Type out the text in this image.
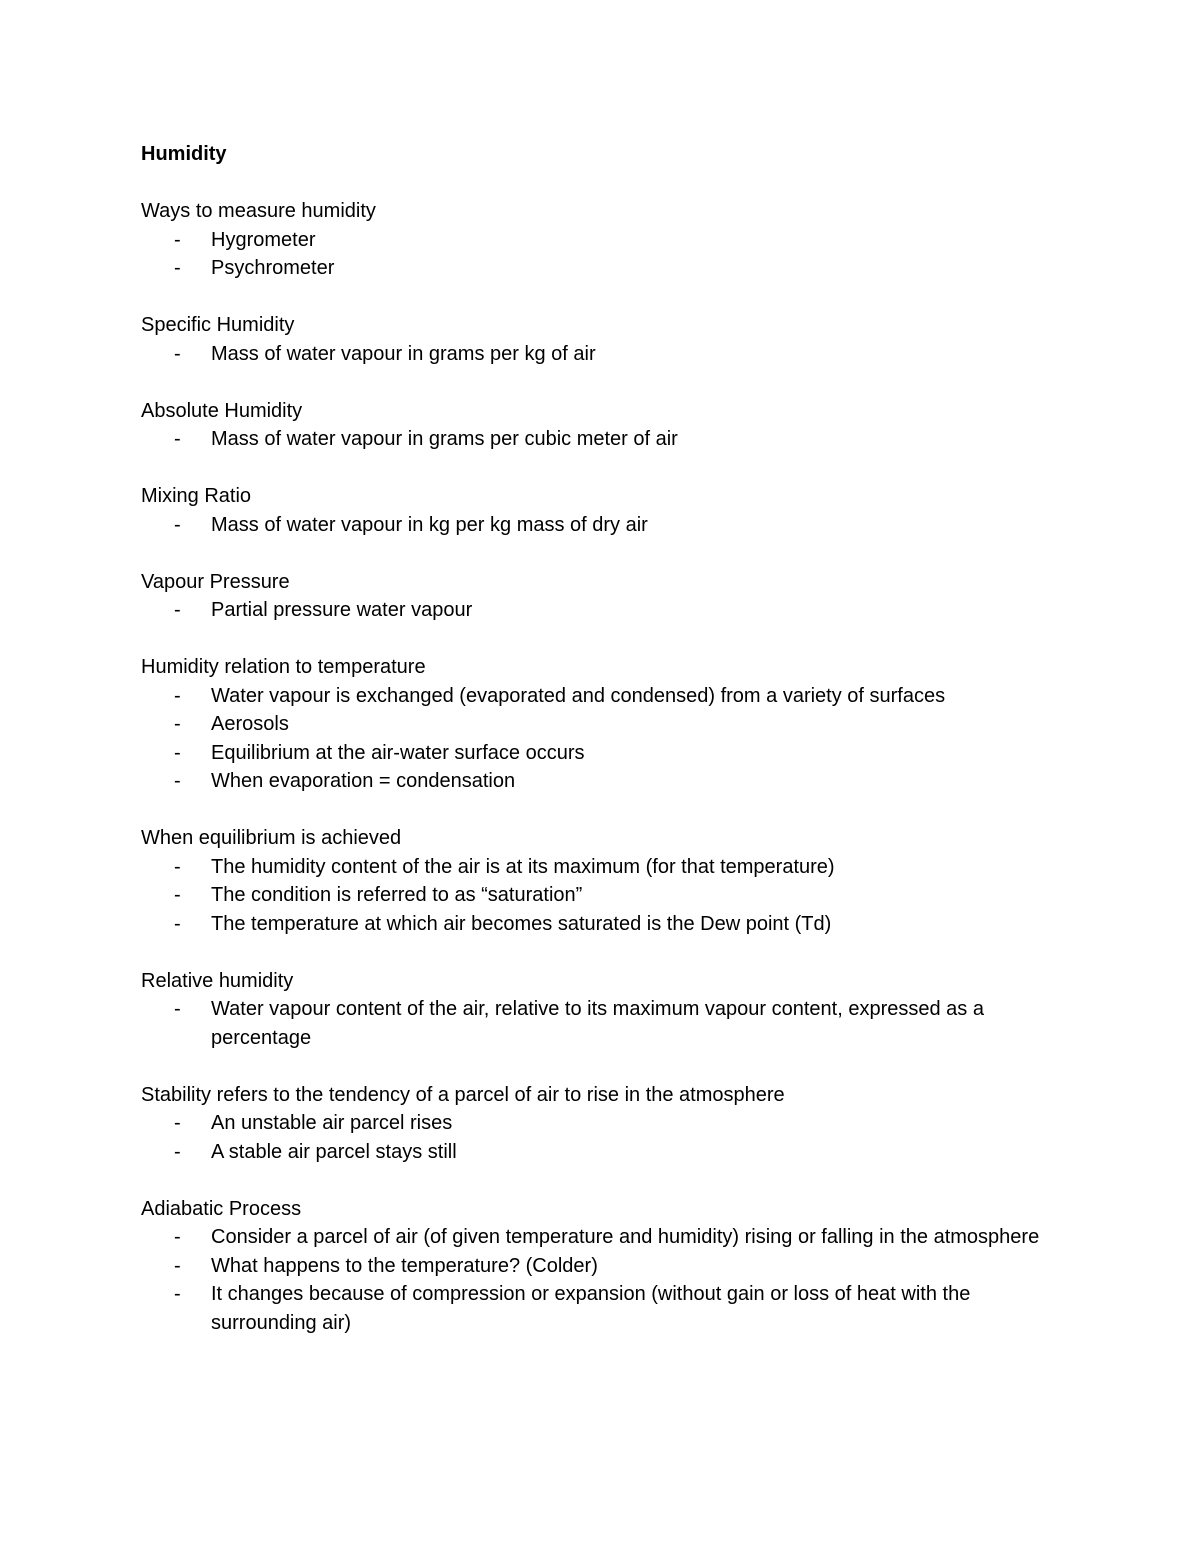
Humidity
Ways to measure humidity
- Hygrometer
- Psychrometer
Specific Humidity
- Mass of water vapour in grams per kg of air
Absolute Humidity
- Mass of water vapour in grams per cubic meter of air
Mixing Ratio
- Mass of water vapour in kg per kg mass of dry air
Vapour Pressure
- Partial pressure water vapour
Humidity relation to temperature
- Water vapour is exchanged (evaporated and condensed) from a variety of surfaces
- Aerosols
- Equilibrium at the air-water surface occurs
- When evaporation = condensation
When equilibrium is achieved
- The humidity content of the air is at its maximum (for that temperature)
- The condition is referred to as “saturation”
- The temperature at which air becomes saturated is the Dew point (Td)
Relative humidity
- Water vapour content of the air, relative to its maximum vapour content, expressed as a percentage
Stability refers to the tendency of a parcel of air to rise in the atmosphere
- An unstable air parcel rises
- A stable air parcel stays still
Adiabatic Process
- Consider a parcel of air (of given temperature and humidity) rising or falling in the atmosphere
- What happens to the temperature? (Colder)
- It changes because of compression or expansion (without gain or loss of heat with the surrounding air)
